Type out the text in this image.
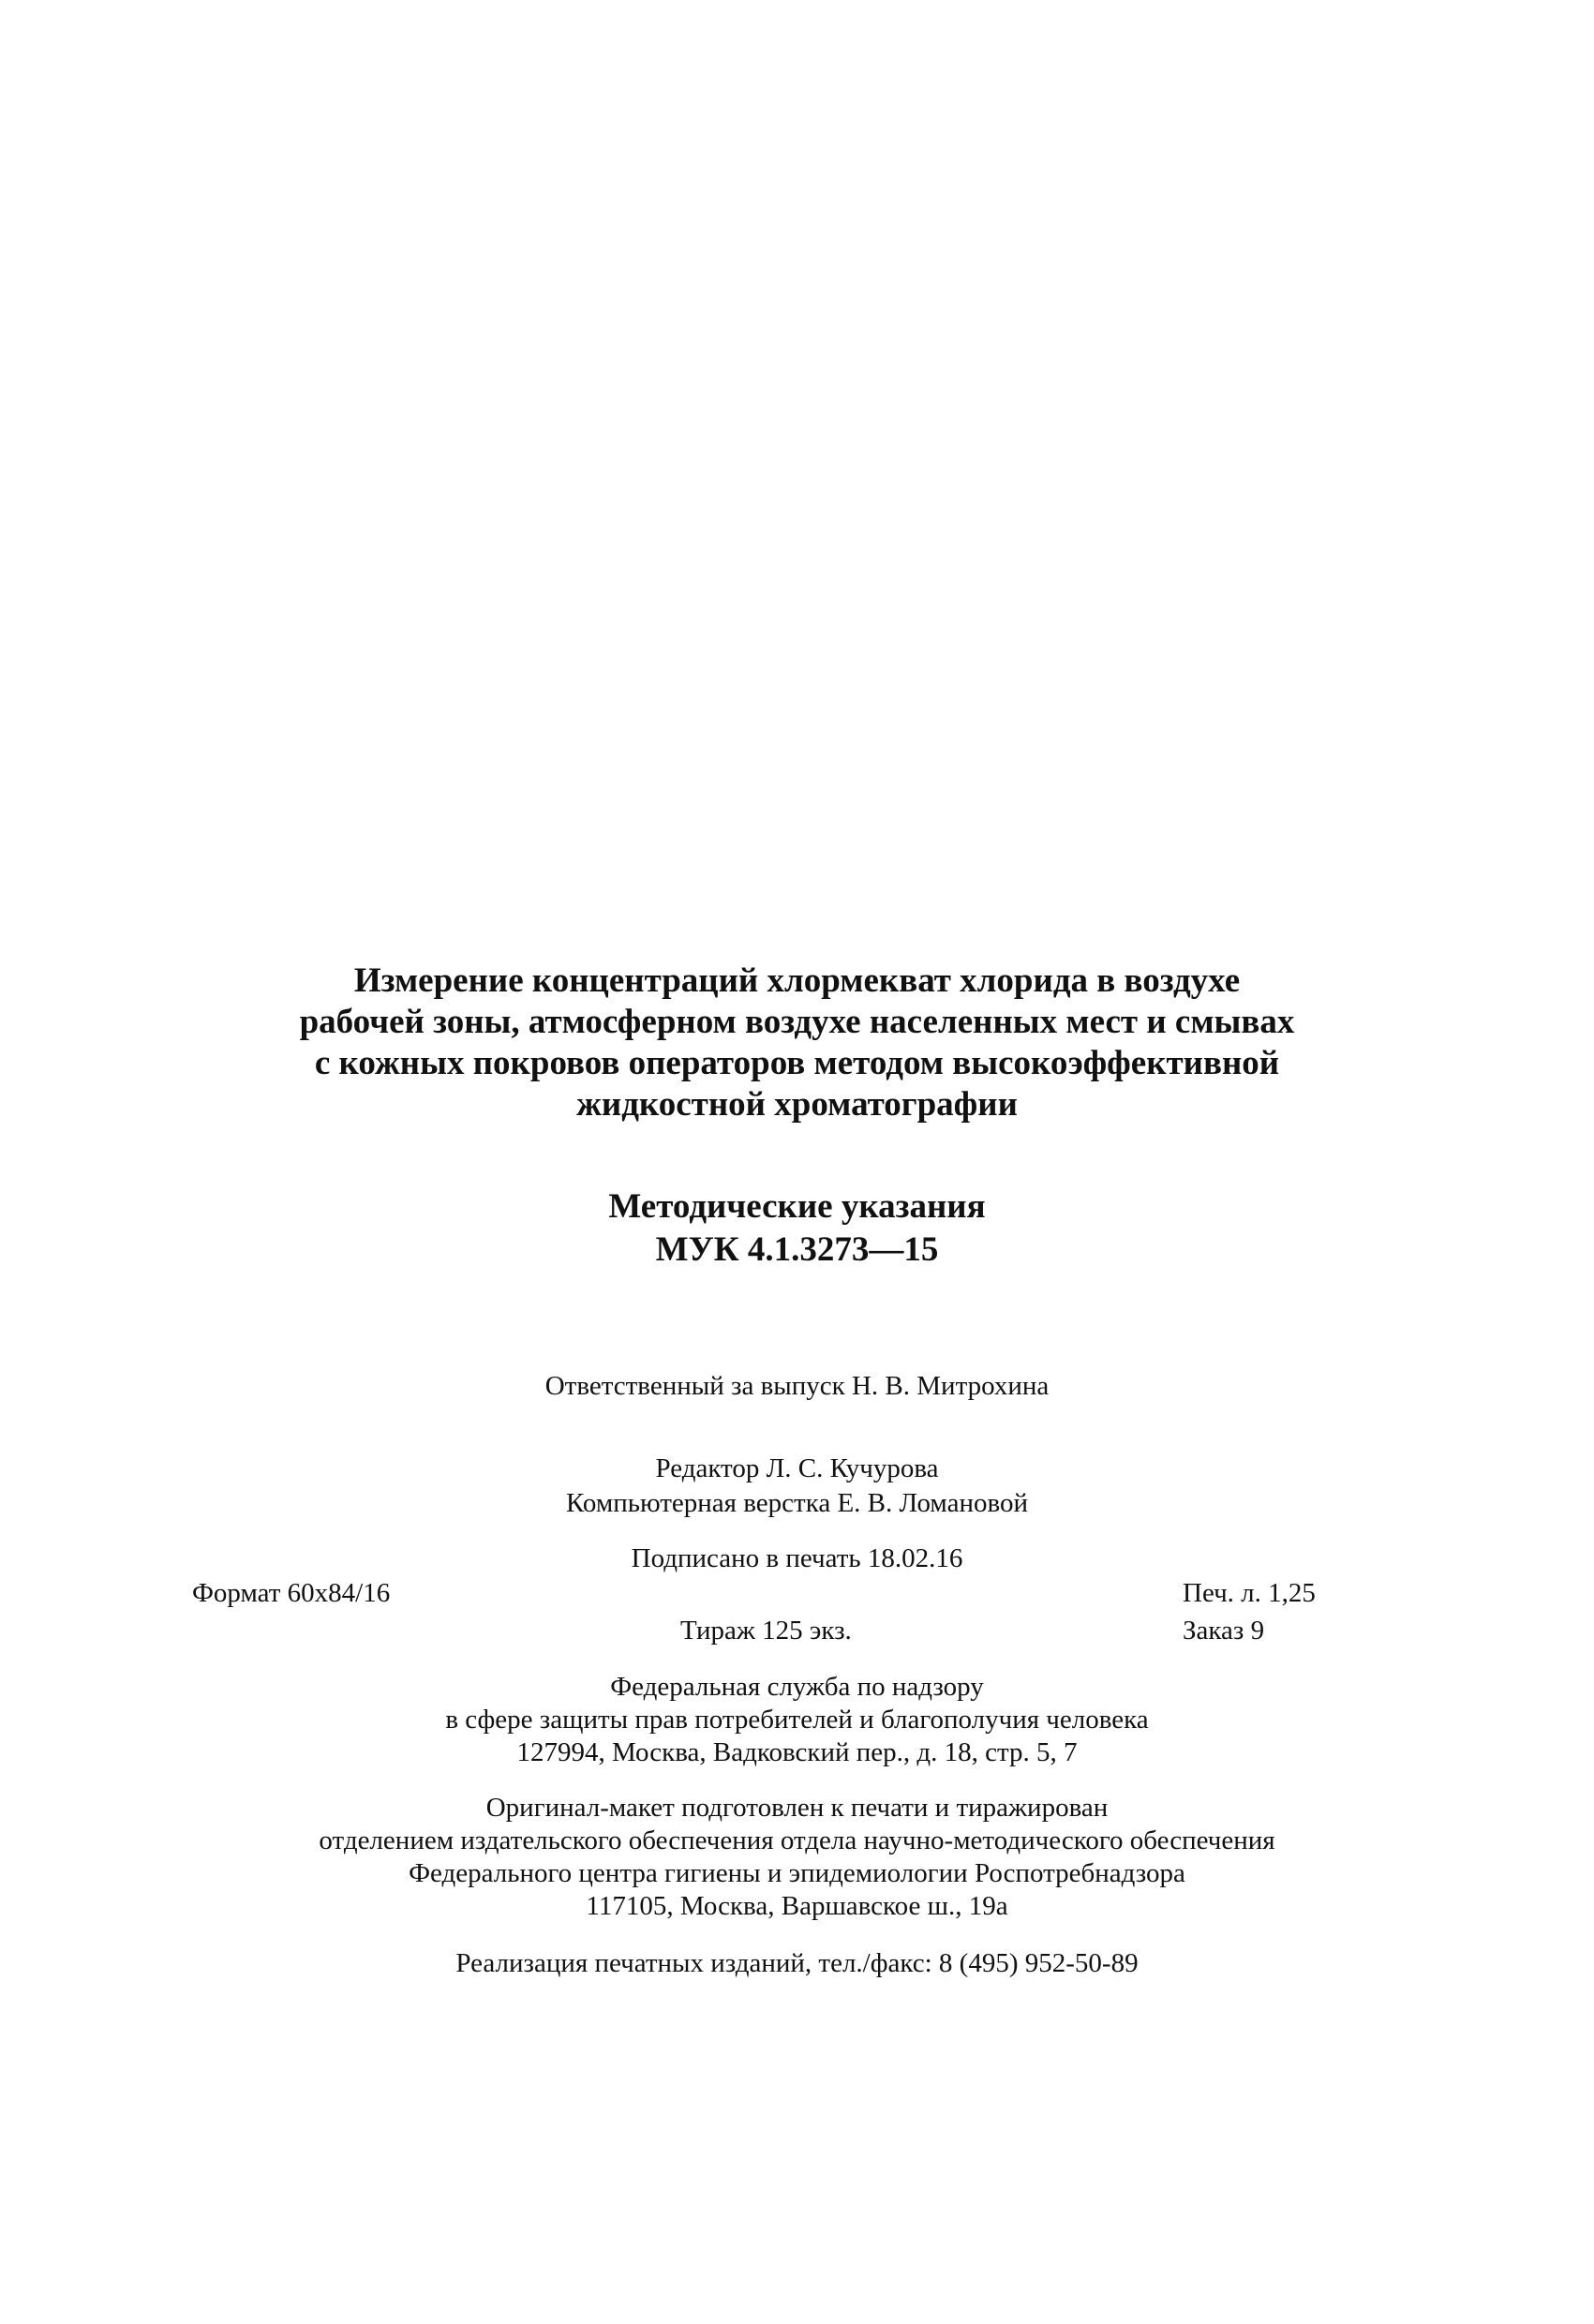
Измерение концентраций хлормекват хлорида в воздухе
рабочей зоны, атмосферном воздухе населенных мест и смывах
с кожных покровов операторов методом высокоэффективной
жидкостной хроматографии
Методические указания
МУК 4.1.3273—15
Ответственный за выпуск Н. В. Митрохина
Редактор Л. С. Кучурова
Компьютерная верстка Е. В. Ломановой
Подписано в печать 18.02.16
Формат 60x84/16	Печ. л. 1,25
Тираж 125 экз.	Заказ 9
Федеральная служба по надзору
в сфере защиты прав потребителей и благополучия человека
127994, Москва, Вадковский пер., д. 18, стр. 5, 7
Оригинал-макет подготовлен к печати и тиражирован
отделением издательского обеспечения отдела научно-методического обеспечения
Федерального центра гигиены и эпидемиологии Роспотребнадзора
117105, Москва, Варшавское ш., 19а
Реализация печатных изданий, тел./факс: 8 (495) 952-50-89
